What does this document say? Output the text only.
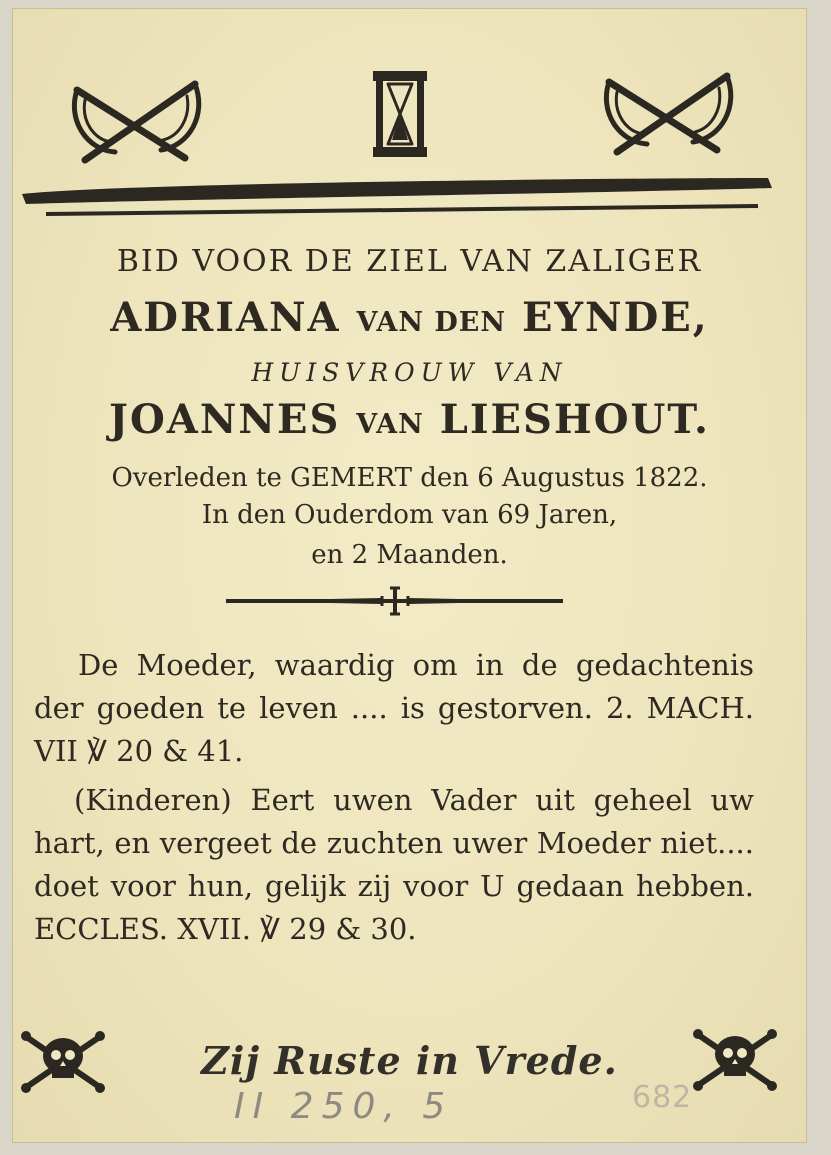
BID VOOR DE ZIEL VAN ZALIGER
ADRIANA VAN DEN EYNDE,
HUISVROUW VAN
JOANNES VAN LIESHOUT.
Overleden te GEMERT den 6 Augustus 1822.
In den Ouderdom van 69 Jaren,
en 2 Maanden.
De Moeder, waardig om in de gedachtenis der goeden te leven .... is gestorven. 2. MACH. VII ℣ 20 & 41.
(Kinderen) Eert uwen Vader uit geheel uw hart, en vergeet de zuchten uwer Moeder niet.... doet voor hun, gelijk zij voor U gedaan hebben. ECCLES. XVII. ℣ 29 & 30.
Zij Ruste in Vrede.
II 250, 5	682
